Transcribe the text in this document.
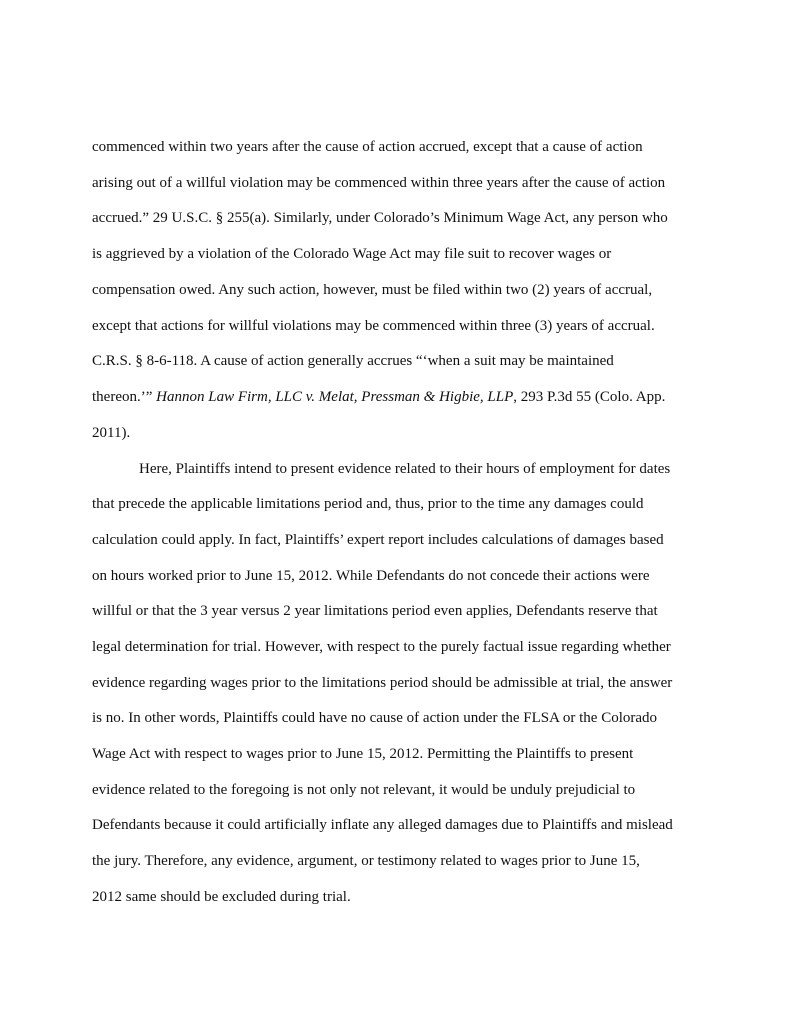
commenced within two years after the cause of action accrued, except that a cause of action
arising out of a willful violation may be commenced within three years after the cause of action
accrued.” 29 U.S.C. § 255(a). Similarly, under Colorado’s Minimum Wage Act, any person who
is aggrieved by a violation of the Colorado Wage Act may file suit to recover wages or
compensation owed. Any such action, however, must be filed within two (2) years of accrual,
except that actions for willful violations may be commenced within three (3) years of accrual.
C.R.S. § 8-6-118. A cause of action generally accrues “‘when a suit may be maintained
thereon.’” Hannon Law Firm, LLC v. Melat, Pressman & Higbie, LLP, 293 P.3d 55 (Colo. App.
2011).
Here, Plaintiffs intend to present evidence related to their hours of employment for dates
that precede the applicable limitations period and, thus, prior to the time any damages could
calculation could apply. In fact, Plaintiffs’ expert report includes calculations of damages based
on hours worked prior to June 15, 2012. While Defendants do not concede their actions were
willful or that the 3 year versus 2 year limitations period even applies, Defendants reserve that
legal determination for trial. However, with respect to the purely factual issue regarding whether
evidence regarding wages prior to the limitations period should be admissible at trial, the answer
is no. In other words, Plaintiffs could have no cause of action under the FLSA or the Colorado
Wage Act with respect to wages prior to June 15, 2012. Permitting the Plaintiffs to present
evidence related to the foregoing is not only not relevant, it would be unduly prejudicial to
Defendants because it could artificially inflate any alleged damages due to Plaintiffs and mislead
the jury. Therefore, any evidence, argument, or testimony related to wages prior to June 15,
2012 same should be excluded during trial.
